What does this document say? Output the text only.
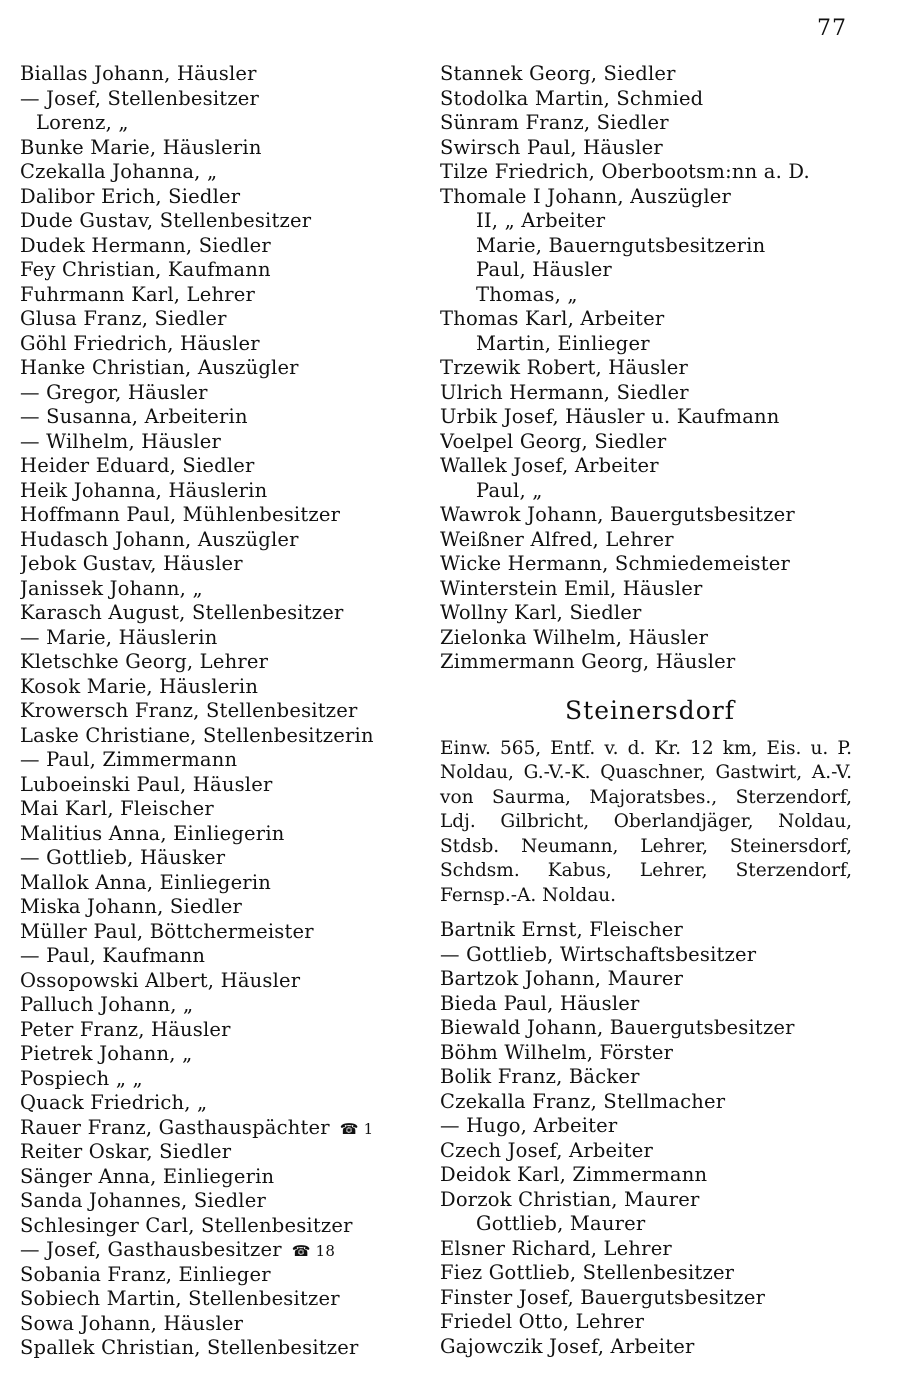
77
Biallas Johann, Häusler
— Josef, Stellenbesitzer
Lorenz, „
Bunke Marie, Häuslerin
Czekalla Johanna, „
Dalibor Erich, Siedler
Dude Gustav, Stellenbesitzer
Dudek Hermann, Siedler
Fey Christian, Kaufmann
Fuhrmann Karl, Lehrer
Glusa Franz, Siedler
Göhl Friedrich, Häusler
Hanke Christian, Auszügler
— Gregor, Häusler
— Susanna, Arbeiterin
— Wilhelm, Häusler
Heider Eduard, Siedler
Heik Johanna, Häuslerin
Hoffmann Paul, Mühlenbesitzer
Hudasch Johann, Auszügler
Jebok Gustav, Häusler
Janissek Johann, „
Karasch August, Stellenbesitzer
— Marie, Häuslerin
Kletschke Georg, Lehrer
Kosok Marie, Häuslerin
Krowersch Franz, Stellenbesitzer
Laske Christiane, Stellenbesitzerin
— Paul, Zimmermann
Luboeinski Paul, Häusler
Mai Karl, Fleischer
Malitius Anna, Einliegerin
— Gottlieb, Häusker
Mallok Anna, Einliegerin
Miska Johann, Siedler
Müller Paul, Böttchermeister
— Paul, Kaufmann
Ossopowski Albert, Häusler
Palluch Johann, „
Peter Franz, Häusler
Pietrek Johann, „
Pospiech „ „
Quack Friedrich, „
Rauer Franz, Gasthauspächter ☎ 1
Reiter Oskar, Siedler
Sänger Anna, Einliegerin
Sanda Johannes, Siedler
Schlesinger Carl, Stellenbesitzer
— Josef, Gasthausbesitzer ☎ 18
Sobania Franz, Einlieger
Sobiech Martin, Stellenbesitzer
Sowa Johann, Häusler
Spallek Christian, Stellenbesitzer
Stannek Georg, Siedler
Stodolka Martin, Schmied
Sünram Franz, Siedler
Swirsch Paul, Häusler
Tilze Friedrich, Oberbootsm:nn a. D.
Thomale I Johann, Auszügler
II, „ Arbeiter
Marie, Bauerngutsbesitzerin
Paul, Häusler
Thomas, „
Thomas Karl, Arbeiter
Martin, Einlieger
Trzewik Robert, Häusler
Ulrich Hermann, Siedler
Urbik Josef, Häusler u. Kaufmann
Voelpel Georg, Siedler
Wallek Josef, Arbeiter
Paul, „
Wawrok Johann, Bauergutsbesitzer
Weißner Alfred, Lehrer
Wicke Hermann, Schmiedemeister
Winterstein Emil, Häusler
Wollny Karl, Siedler
Zielonka Wilhelm, Häusler
Zimmermann Georg, Häusler
Steinersdorf

Einw. 565, Entf. v. d. Kr. 12 km, Eis. u. P. Noldau, G.-V.-K. Quaschner, Gastwirt, A.-V. von Saurma, Majoratsbes., Sterzendorf, Ldj. Gilbricht, Oberlandjäger, Noldau, Stdsb. Neumann, Lehrer, Steinersdorf, Schdsm. Kabus, Lehrer, Sterzendorf, Fernsp.-A. Noldau.

Bartnik Ernst, Fleischer
— Gottlieb, Wirtschaftsbesitzer
Bartzok Johann, Maurer
Bieda Paul, Häusler
Biewald Johann, Bauergutsbesitzer
Böhm Wilhelm, Förster
Bolik Franz, Bäcker
Czekalla Franz, Stellmacher
— Hugo, Arbeiter
Czech Josef, Arbeiter
Deidok Karl, Zimmermann
Dorzok Christian, Maurer
Gottlieb, Maurer
Elsner Richard, Lehrer
Fiez Gottlieb, Stellenbesitzer
Finster Josef, Bauergutsbesitzer
Friedel Otto, Lehrer
Gajowczik Josef, Arbeiter
